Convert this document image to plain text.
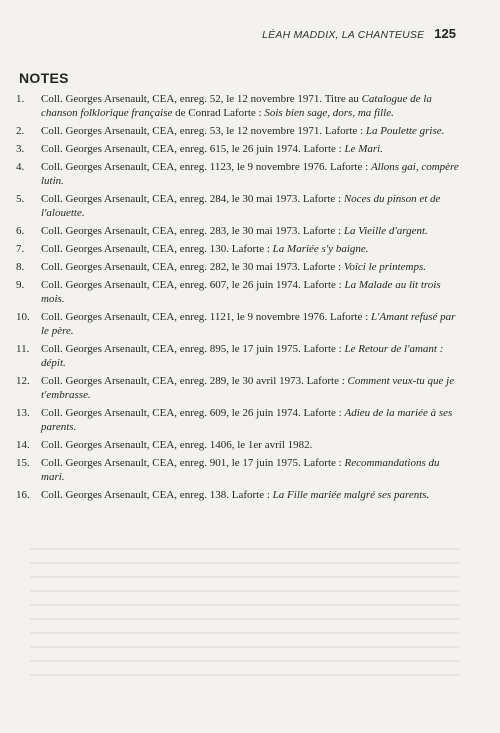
LÉAH MADDIX, LA CHANTEUSE 125
NOTES
1.	Coll. Georges Arsenault, CEA, enreg. 52, le 12 novembre 1971. Titre au Catalogue de la chanson folklorique française de Conrad Laforte : Sois bien sage, dors, ma fille.
2.	Coll. Georges Arsenault, CEA, enreg. 53, le 12 novembre 1971. Laforte : La Poulette grise.
3.	Coll. Georges Arsenault, CEA, enreg. 615, le 26 juin 1974. Laforte : Le Mari.
4.	Coll. Georges Arsenault, CEA, enreg. 1123, le 9 novembre 1976. Laforte : Allons gai, compère lutin.
5.	Coll. Georges Arsenault, CEA, enreg. 284, le 30 mai 1973. Laforte : Noces du pinson et de l'alouette.
6.	Coll. Georges Arsenault, CEA, enreg. 283, le 30 mai 1973. Laforte : La Vieille d'argent.
7.	Coll. Georges Arsenault, CEA, enreg. 130. Laforte : La Mariée s'y baigne.
8.	Coll. Georges Arsenault, CEA, enreg. 282, le 30 mai 1973. Laforte : Voici le printemps.
9.	Coll. Georges Arsenault, CEA, enreg. 607, le 26 juin 1974. Laforte : La Malade au lit trois mois.
10.	Coll. Georges Arsenault, CEA, enreg. 1121, le 9 novembre 1976. Laforte : L'Amant refusé par le père.
11.	Coll. Georges Arsenault, CEA, enreg. 895, le 17 juin 1975. Laforte : Le Retour de l'amant : dépit.
12.	Coll. Georges Arsenault, CEA, enreg. 289, le 30 avril 1973. Laforte : Comment veux-tu que je t'embrasse.
13.	Coll. Georges Arsenault, CEA, enreg. 609, le 26 juin 1974. Laforte : Adieu de la mariée à ses parents.
14.	Coll. Georges Arsenault, CEA, enreg. 1406, le 1er avril 1982.
15.	Coll. Georges Arsenault, CEA, enreg. 901, le 17 juin 1975. Laforte : Recommandations du mari.
16.	Coll. Georges Arsenault, CEA, enreg. 138. Laforte : La Fille mariée malgré ses parents.
